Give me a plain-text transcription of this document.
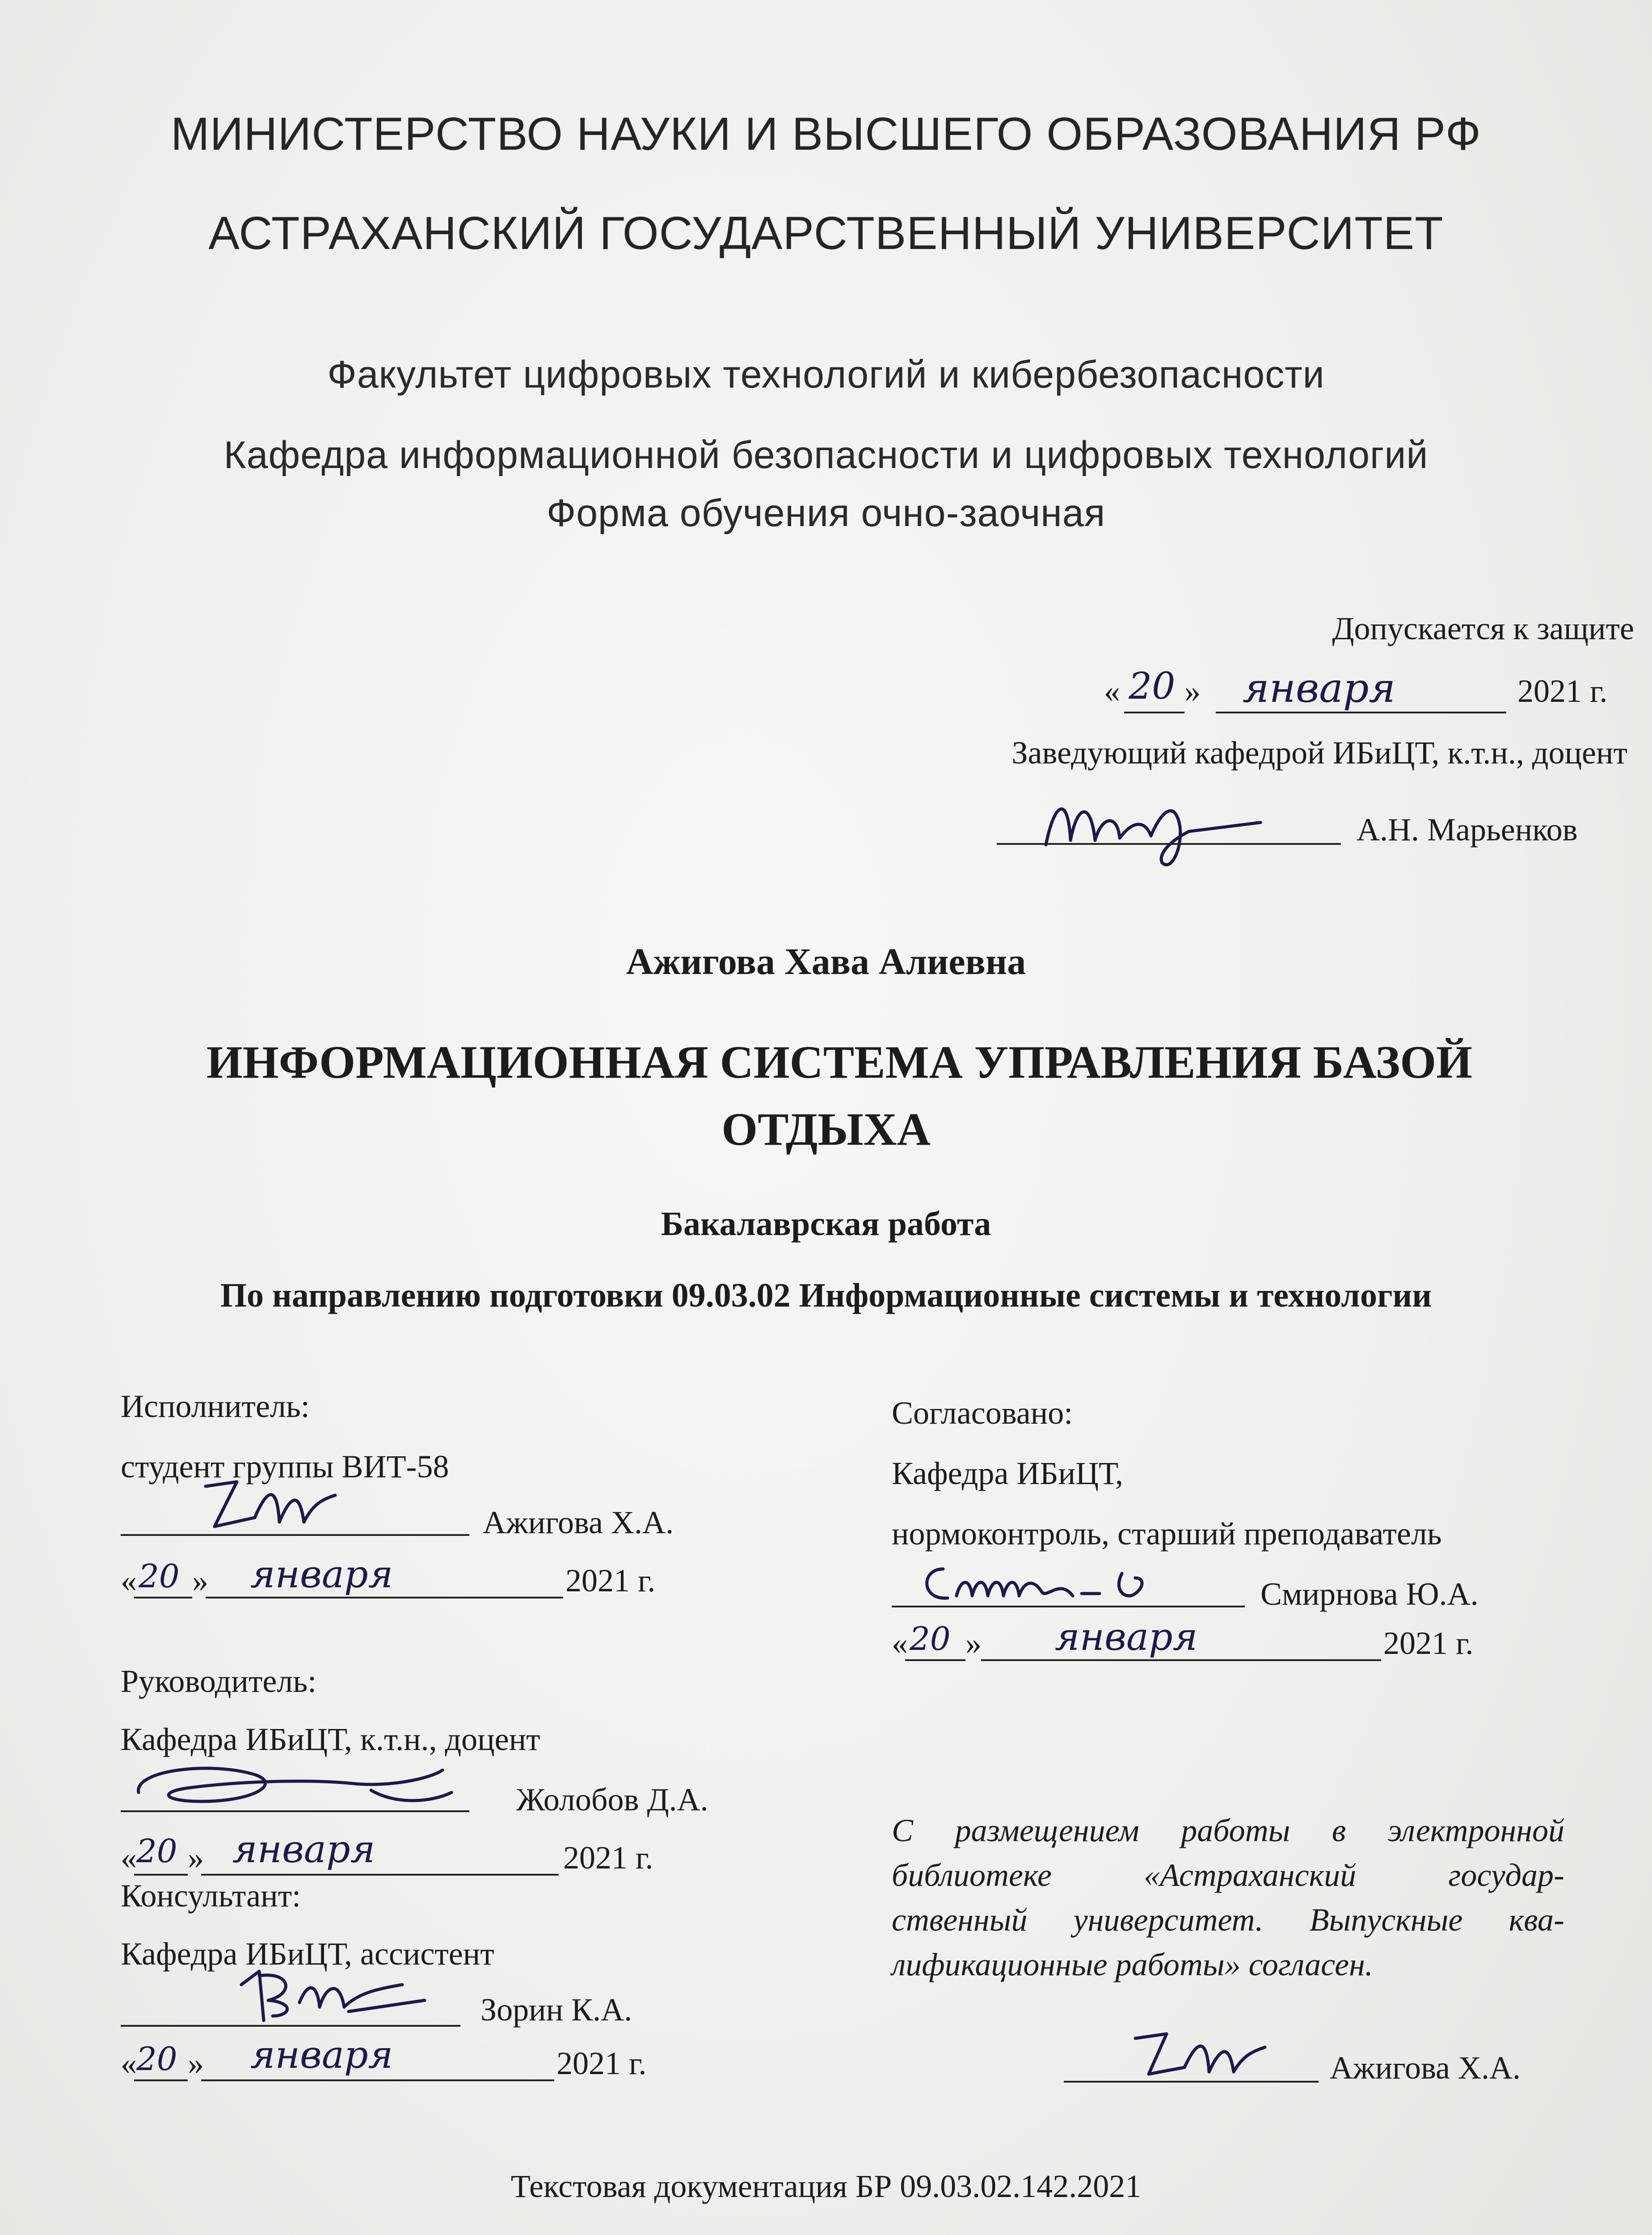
МИНИСТЕРСТВО НАУКИ И ВЫСШЕГО ОБРАЗОВАНИЯ РФ
АСТРАХАНСКИЙ ГОСУДАРСТВЕННЫЙ УНИВЕРСИТЕТ
Факультет цифровых технологий и кибербезопасности
Кафедра информационной безопасности и цифровых технологий
Форма обучения очно-заочная
Допускается к защите
« 20 » января	2021 г.
Заведующий кафедрой ИБиЦТ, к.т.н., доцент
А.Н. Марьенков
Ажигова Хава Алиевна
ИНФОРМАЦИОННАЯ СИСТЕМА УПРАВЛЕНИЯ БАЗОЙ
ОТДЫХА
Бакалаврская работа
По направлению подготовки 09.03.02 Информационные системы и технологии
Исполнитель:
студент группы ВИТ-58
Ажигова Х.А.
« 20 » января	2021 г.
Согласовано:
Кафедра ИБиЦТ,
нормоконтроль, старший преподаватель
Смирнова Ю.А.
« 20 » января	2021 г.
Руководитель:
Кафедра ИБиЦТ, к.т.н., доцент
Жолобов Д.А.
« 20 » января	2021 г.
Консультант:
Кафедра ИБиЦТ, ассистент
Зорин К.А.
« 20 » января	2021 г.
С размещением работы в электронной
библиотеке «Астраханский государ-
ственный университет. Выпускные ква-
лификационные работы» согласен.
Ажигова Х.А.
Текстовая документация БР 09.03.02.142.2021
